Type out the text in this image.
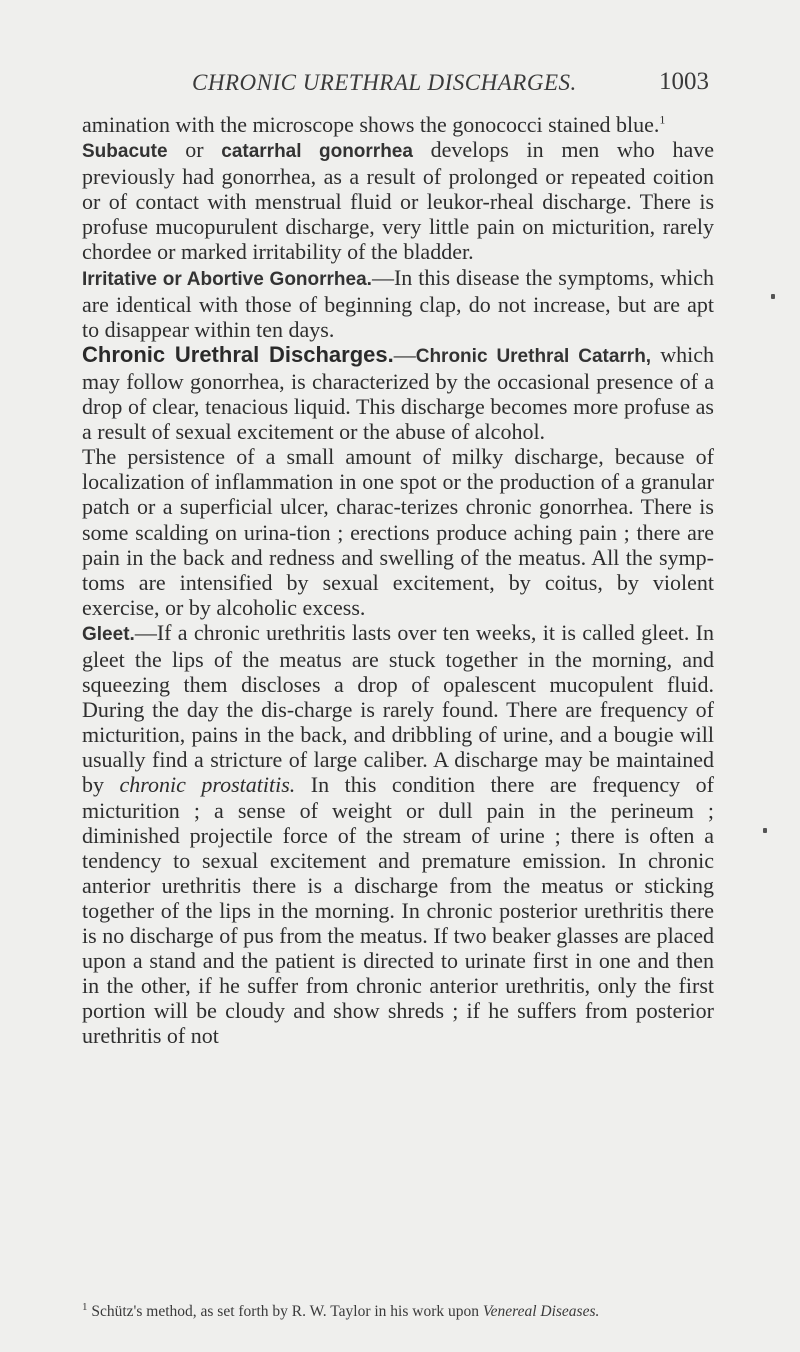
CHRONIC URETHRAL DISCHARGES.	1003

amination with the microscope shows the gonococci stained blue.$^1$

Subacute or catarrhal gonorrhea develops in men who have previously had gonorrhea, as a result of prolonged or repeated coition or of contact with menstrual fluid or leukor-rheal discharge. There is profuse mucopurulent discharge, very little pain on micturition, rarely chordee or marked irritability of the bladder.

Irritative or Abortive Gonorrhea.—In this disease the symptoms, which are identical with those of beginning clap, do not increase, but are apt to disappear within ten days.

Chronic Urethral Discharges.—Chronic Urethral Catarrh, which may follow gonorrhea, is characterized by the occasional presence of a drop of clear, tenacious liquid. This discharge becomes more profuse as a result of sexual excitement or the abuse of alcohol.

The persistence of a small amount of milky discharge, because of localization of inflammation in one spot or the production of a granular patch or a superficial ulcer, charac-terizes chronic gonorrhea. There is some scalding on urina-tion ; erections produce aching pain ; there are pain in the back and redness and swelling of the meatus. All the symp-toms are intensified by sexual excitement, by coitus, by violent exercise, or by alcoholic excess.

Gleet.—If a chronic urethritis lasts over ten weeks, it is called gleet. In gleet the lips of the meatus are stuck together in the morning, and squeezing them discloses a drop of opalescent mucopulent fluid. During the day the dis-charge is rarely found. There are frequency of micturition, pains in the back, and dribbling of urine, and a bougie will usually find a stricture of large caliber. A discharge may be maintained by chronic prostatitis. In this condition there are frequency of micturition ; a sense of weight or dull pain in the perineum ; diminished projectile force of the stream of urine ; there is often a tendency to sexual excitement and premature emission. In chronic anterior urethritis there is a discharge from the meatus or sticking together of the lips in the morning. In chronic posterior urethritis there is no discharge of pus from the meatus. If two beaker glasses are placed upon a stand and the patient is directed to urinate first in one and then in the other, if he suffer from chronic anterior urethritis, only the first portion will be cloudy and show shreds ; if he suffers from posterior urethritis of not

$^1$ Schütz's method, as set forth by R. W. Taylor in his work upon Venereal Diseases.
